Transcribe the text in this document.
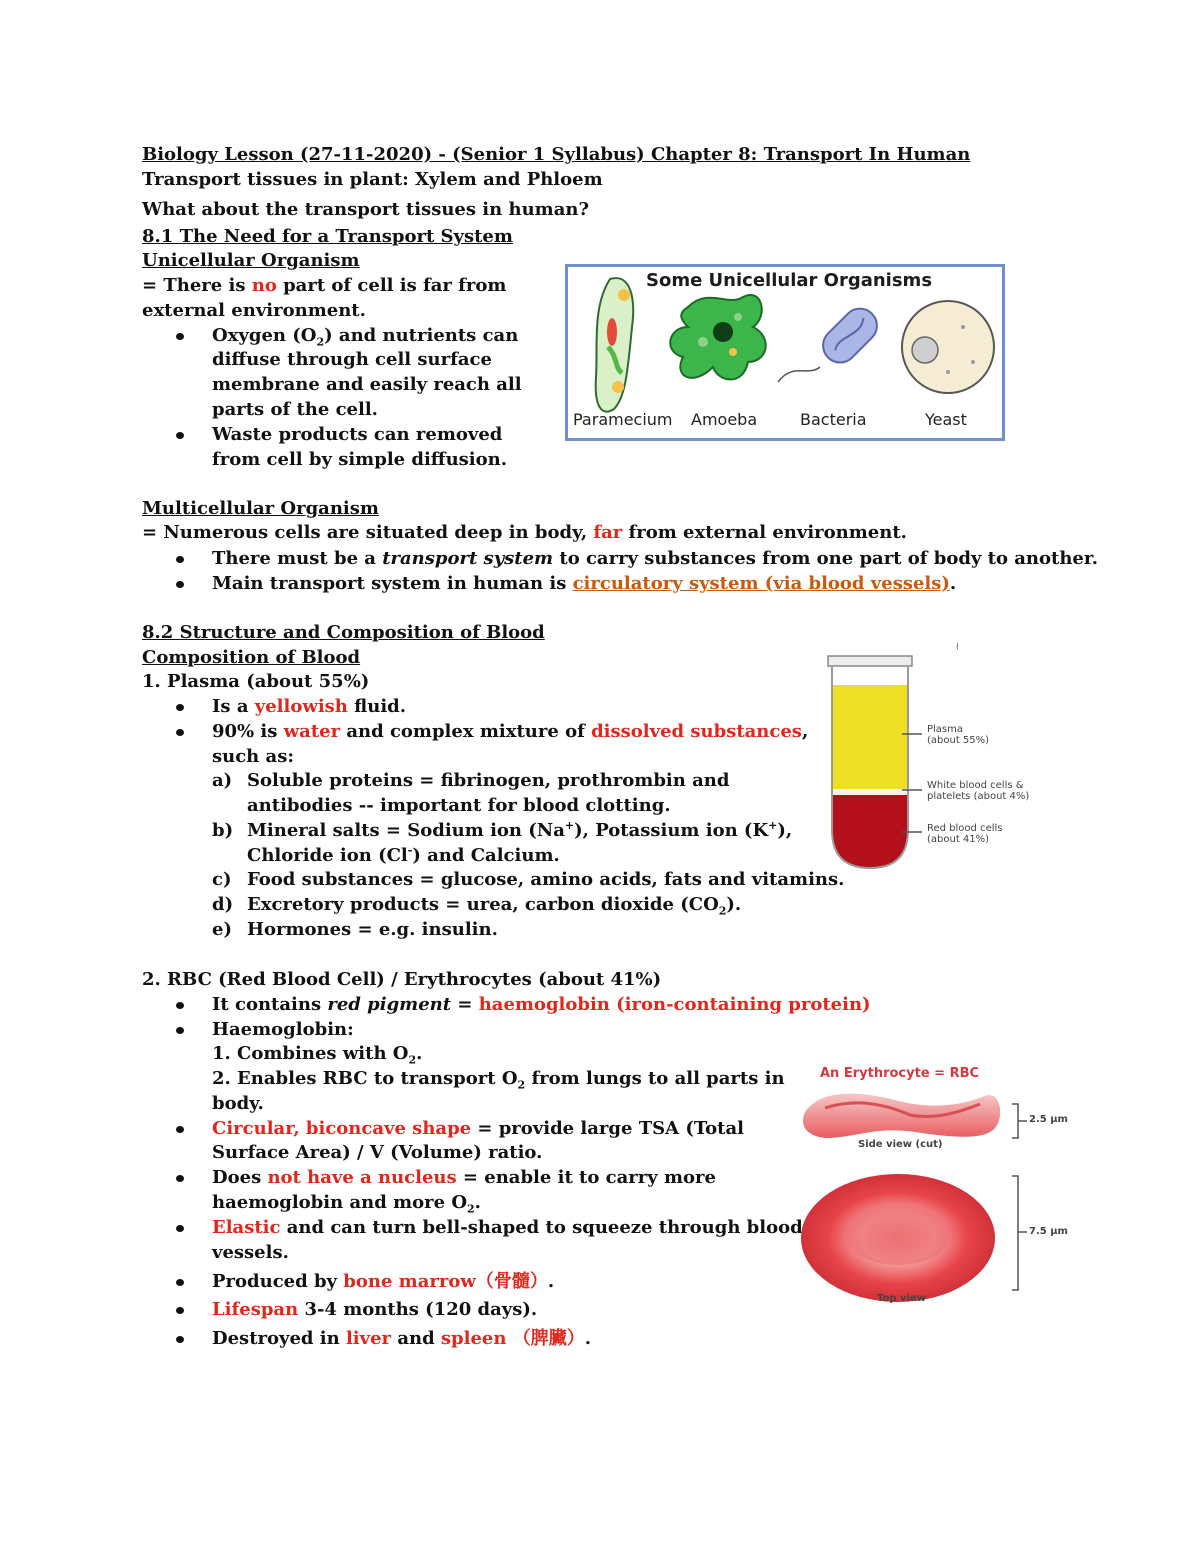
Biology Lesson (27-11-2020) - (Senior 1 Syllabus) Chapter 8: Transport In Human
Transport tissues in plant: Xylem and Phloem
What about the transport tissues in human?
8.1 The Need for a Transport System
Unicellular Organism
= There is no part of cell is far from
external environment.
Oxygen $(O_2)$ and nutrients can
diffuse through cell surface
membrane and easily reach all
parts of the cell.
Waste products can removed
from cell by simple diffusion.
Multicellular Organism
= Numerous cells are situated deep in body, far from external environment.
There must be a transport system to carry substances from one part of body to another.
Main transport system in human is circulatory system (via blood vessels).
8.2 Structure and Composition of Blood
Composition of Blood
1. Plasma (about 55%)
Is a yellowish fluid.
90% is water and complex mixture of dissolved substances,
such as:
a) Soluble proteins = fibrinogen, prothrombin and
antibodies -- important for blood clotting.
b) Mineral salts = Sodium ion (Na+), Potassium ion (K+),
Chloride ion (Cl-) and Calcium.
c) Food substances = glucose, amino acids, fats and vitamins.
d) Excretory products = urea, carbon dioxide $(CO_2)$.
e) Hormones = e.g. insulin.
2. RBC (Red Blood Cell) / Erythrocytes (about 41%)
It contains red pigment = haemoglobin (iron-containing protein)
Haemoglobin:
1. Combines with $O_2$.
2. Enables RBC to transport $O_2$ from lungs to all parts in
body.
Circular, biconcave shape = provide large TSA (Total
Surface Area) / V (Volume) ratio.
Does not have a nucleus = enable it to carry more
haemoglobin and more $O_2$.
Elastic and can turn bell-shaped to squeeze through blood
vessels.
Produced by bone marrow（骨髓）.
Lifespan 3-4 months (120 days).
Destroyed in liver and spleen （脾臟）.
Some Unicellular Organisms
Paramecium Amoeba	Bacteria	Yeast
ł
Plasma
(about 55%)
White blood cells &
platelets (about 4%)
Red blood cells
(about 41%)
An Erythrocyte = RBC
Side view (cut)
2.5 μm
Top view
7.5 μm
